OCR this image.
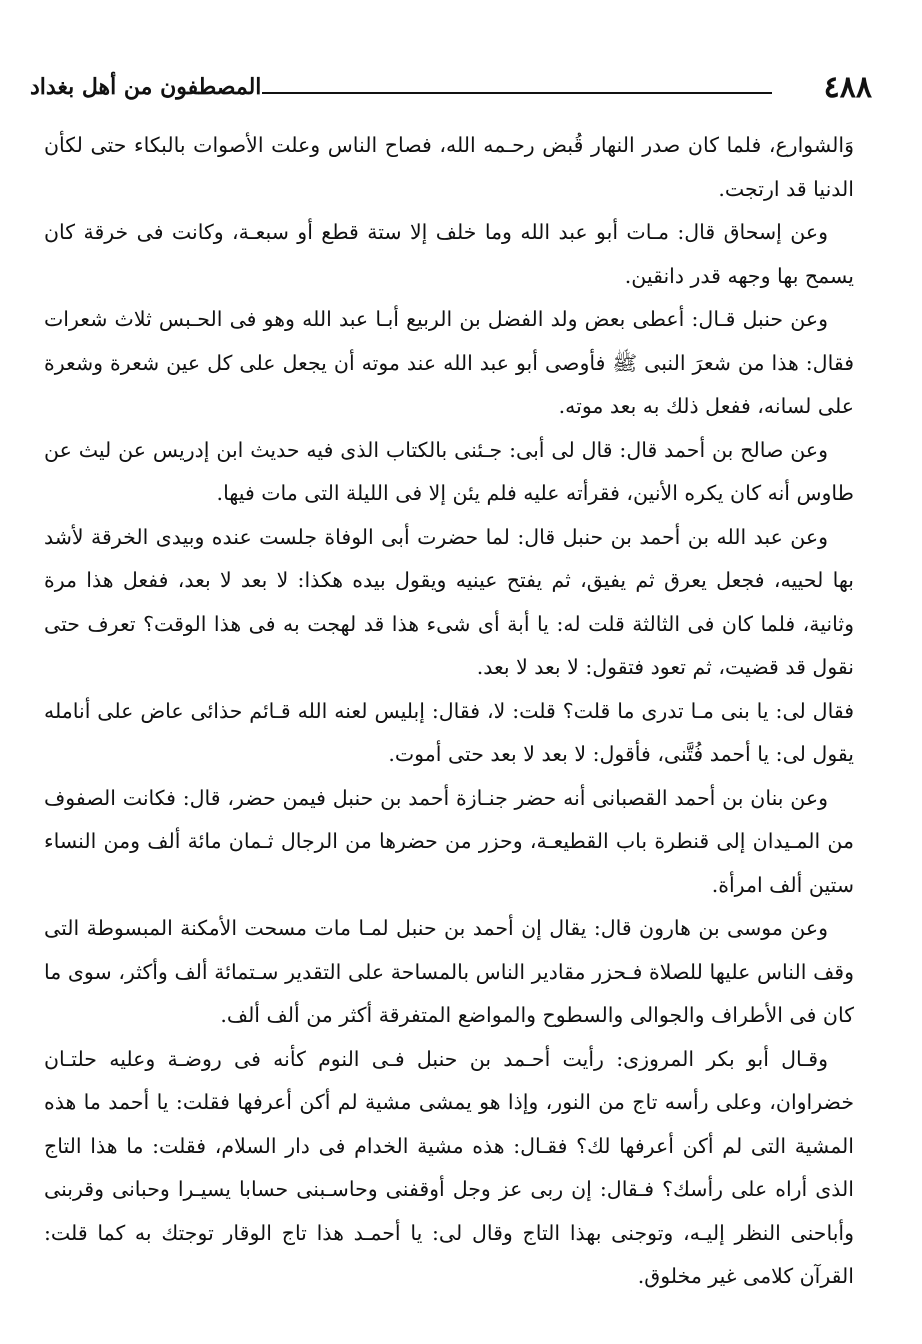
٤٨٨
المصطفون من أهل بغداد

وَالشوارع، فلما كان صدر النهار قُبض رحـمه الله، فصاح الناس وعلت الأصوات بالبكاء حتى لكأن الدنيا قد ارتجت.

وعن إسحاق قال: مـات أبو عبد الله وما خلف إلا ستة قطع أو سبعـة، وكانت فى خرقة كان يسمح بها وجهه قدر دانقين.

وعن حنبل قـال: أعطى بعض ولد الفضل بن الربيع أبـا عبد الله وهو فى الحـبس ثلاث شعرات فقال: هذا من شعرَ النبى ﷺ فأوصى أبو عبد الله عند موته أن يجعل على كل عين شعرة وشعرة على لسانه، ففعل ذلك به بعد موته.

وعن صالح بن أحمد قال: قال لى أبى: جـئنى بالكتاب الذى فيه حديث ابن إدريس عن ليث عن طاوس أنه كان يكره الأنين، فقرأته عليه فلم يئن إلا فى الليلة التى مات فيها.

وعن عبد الله بن أحمد بن حنبل قال: لما حضرت أبى الوفاة جلست عنده وبيدى الخرقة لأشد بها لحييه، فجعل يعرق ثم يفيق، ثم يفتح عينيه ويقول بيده هكذا: لا بعد لا بعد، ففعل هذا مرة وثانية، فلما كان فى الثالثة قلت له: يا أبة أى شىء هذا قد لهجت به فى هذا الوقت؟ تعرف حتى نقول قد قضيت، ثم تعود فتقول: لا بعد لا بعد.

فقال لى: يا بنى مـا تدرى ما قلت؟ قلت: لا، فقال: إبليس لعنه الله قـائم حذائى عاض على أنامله يقول لى: يا أحمد فُتَّنى، فأقول: لا بعد لا بعد حتى أموت.

وعن بنان بن أحمد القصبانى أنه حضر جنـازة أحمد بن حنبل فيمن حضر، قال: فكانت الصفوف من المـيدان إلى قنطرة باب القطيعـة، وحزر من حضرها من الرجال ثـمان مائة ألف ومن النساء ستين ألف امرأة.

وعن موسى بن هارون قال: يقال إن أحمد بن حنبل لمـا مات مسحت الأمكنة المبسوطة التى وقف الناس عليها للصلاة فـحزر مقادير الناس بالمساحة على التقدير سـتمائة ألف وأكثر، سوى ما كان فى الأطراف والجوالى والسطوح والمواضع المتفرقة أكثر من ألف ألف.

وقـال أبو بكر المروزى: رأيت أحـمد بن حنبل فـى النوم كأنه فى روضـة وعليه حلتـان خضراوان، وعلى رأسه تاج من النور، وإذا هو يمشى مشية لم أكن أعرفها فقلت: يا أحمد ما هذه المشية التى لم أكن أعرفها لك؟ فقـال: هذه مشية الخدام فى دار السلام، فقلت: ما هذا التاج الذى أراه على رأسك؟ فـقال: إن ربى عز وجل أوقفنى وحاسـبنى حسابا يسيـرا وحبانى وقربنى وأباحنى النظر إليـه، وتوجنى بهذا التاج وقال لى: يا أحمـد هذا تاج الوقار توجتك به كما قلت: القرآن كلامى غير مخلوق.
